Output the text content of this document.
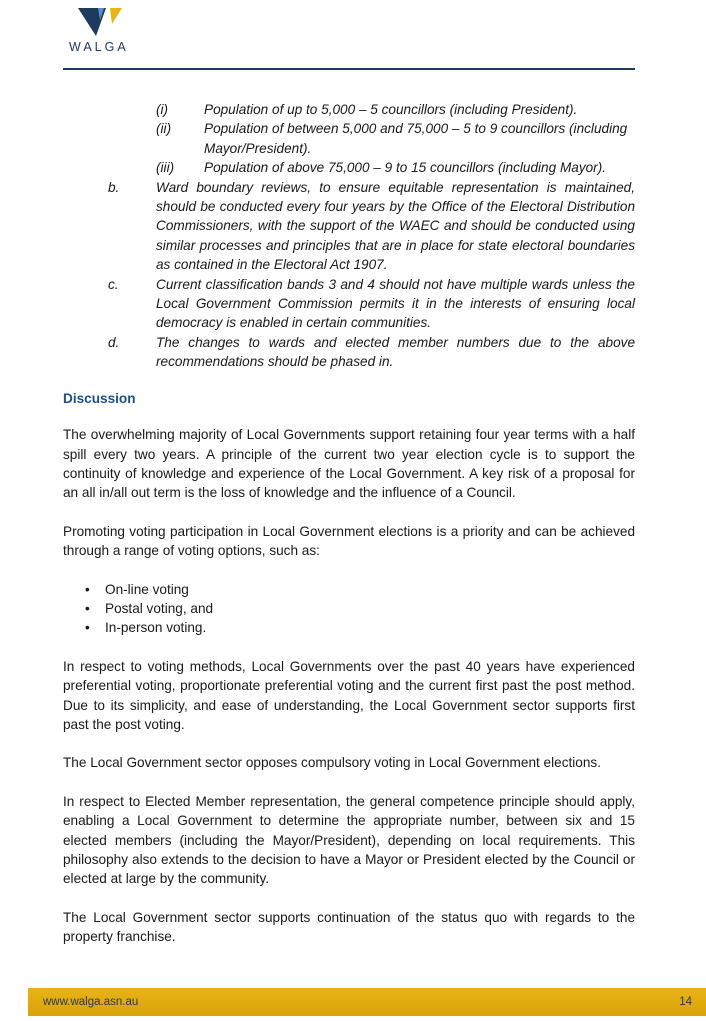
WALGA
(i)	Population of up to 5,000 – 5 councillors (including President).
(ii)	Population of between 5,000 and 75,000 – 5 to 9 councillors (including Mayor/President).
(iii)	Population of above 75,000 – 9 to 15 councillors (including Mayor).
b.	Ward boundary reviews, to ensure equitable representation is maintained, should be conducted every four years by the Office of the Electoral Distribution Commissioners, with the support of the WAEC and should be conducted using similar processes and principles that are in place for state electoral boundaries as contained in the Electoral Act 1907.
c.	Current classification bands 3 and 4 should not have multiple wards unless the Local Government Commission permits it in the interests of ensuring local democracy is enabled in certain communities.
d.	The changes to wards and elected member numbers due to the above recommendations should be phased in.
Discussion

The overwhelming majority of Local Governments support retaining four year terms with a half spill every two years. A principle of the current two year election cycle is to support the continuity of knowledge and experience of the Local Government. A key risk of a proposal for an all in/all out term is the loss of knowledge and the influence of a Council.

Promoting voting participation in Local Government elections is a priority and can be achieved through a range of voting options, such as:

•	On-line voting
•	Postal voting, and
•	In-person voting.

In respect to voting methods, Local Governments over the past 40 years have experienced preferential voting, proportionate preferential voting and the current first past the post method. Due to its simplicity, and ease of understanding, the Local Government sector supports first past the post voting.

The Local Government sector opposes compulsory voting in Local Government elections.

In respect to Elected Member representation, the general competence principle should apply, enabling a Local Government to determine the appropriate number, between six and 15 elected members (including the Mayor/President), depending on local requirements. This philosophy also extends to the decision to have a Mayor or President elected by the Council or elected at large by the community.

The Local Government sector supports continuation of the status quo with regards to the property franchise.

www.walga.asn.au	14
